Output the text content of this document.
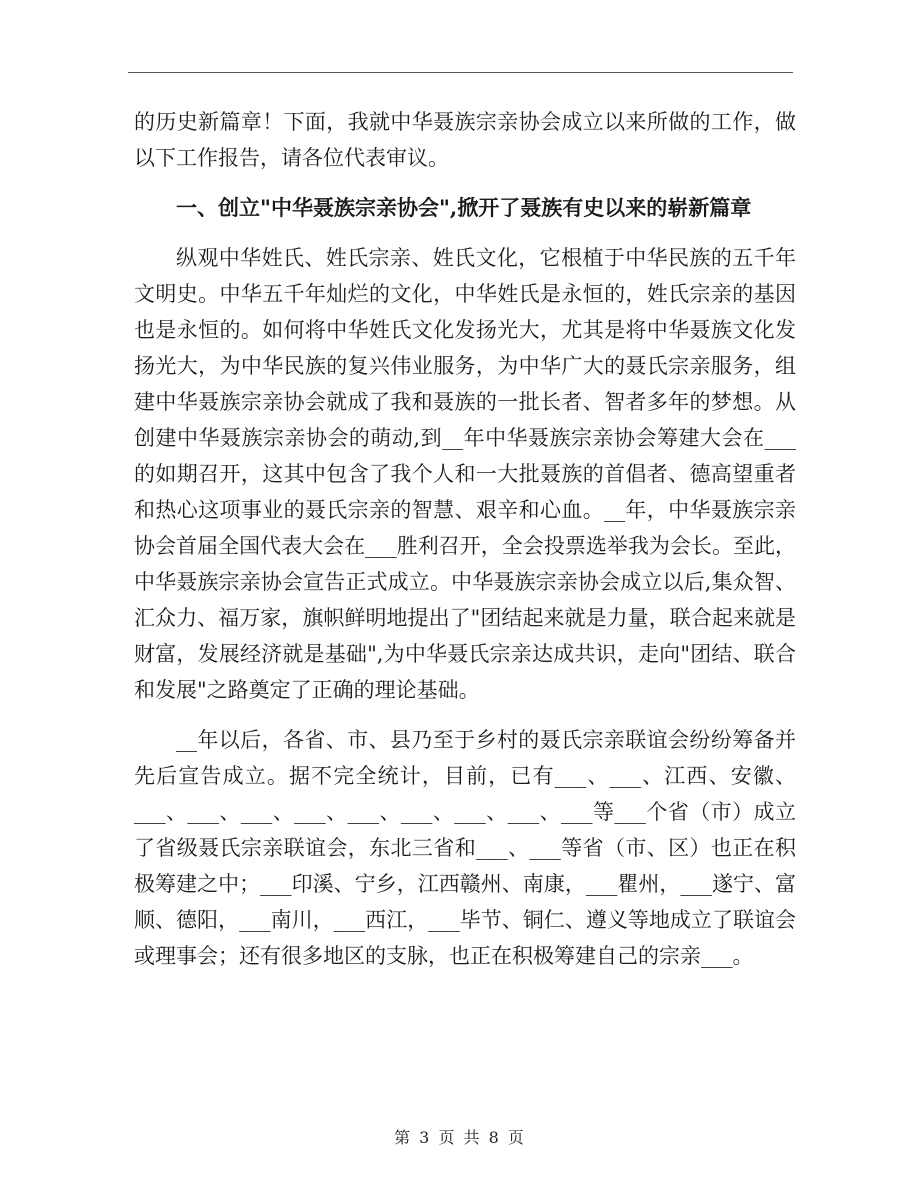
的历史新篇章！下面，我就中华聂族宗亲协会成立以来所做的工作，做以下工作报告，请各位代表审议。

一、创立"中华聂族宗亲协会",掀开了聂族有史以来的崭新篇章

纵观中华姓氏、姓氏宗亲、姓氏文化，它根植于中华民族的五千年文明史。中华五千年灿烂的文化，中华姓氏是永恒的，姓氏宗亲的基因也是永恒的。如何将中华姓氏文化发扬光大，尤其是将中华聂族文化发扬光大，为中华民族的复兴伟业服务，为中华广大的聂氏宗亲服务，组建中华聂族宗亲协会就成了我和聂族的一批长者、智者多年的梦想。从创建中华聂族宗亲协会的萌动,到__年中华聂族宗亲协会筹建大会在___的如期召开，这其中包含了我个人和一大批聂族的首倡者、德高望重者和热心这项事业的聂氏宗亲的智慧、艰辛和心血。__年，中华聂族宗亲协会首届全国代表大会在___胜利召开，全会投票选举我为会长。至此，中华聂族宗亲协会宣告正式成立。中华聂族宗亲协会成立以后,集众智、汇众力、福万家，旗帜鲜明地提出了"团结起来就是力量，联合起来就是财富，发展经济就是基础",为中华聂氏宗亲达成共识，走向"团结、联合和发展"之路奠定了正确的理论基础。

__年以后，各省、市、县乃至于乡村的聂氏宗亲联谊会纷纷筹备并先后宣告成立。据不完全统计，目前，已有___、___、江西、安徽、___、___、___、___、___、___、___、___、___等___个省（市）成立了省级聂氏宗亲联谊会，东北三省和___、___等省（市、区）也正在积极筹建之中；___印溪、宁乡，江西赣州、南康，___瞿州，___遂宁、富顺、德阳，___南川，___西江，___毕节、铜仁、遵义等地成立了联谊会或理事会；还有很多地区的支脉，也正在积极筹建自己的宗亲___。

第 3 页 共 8 页
